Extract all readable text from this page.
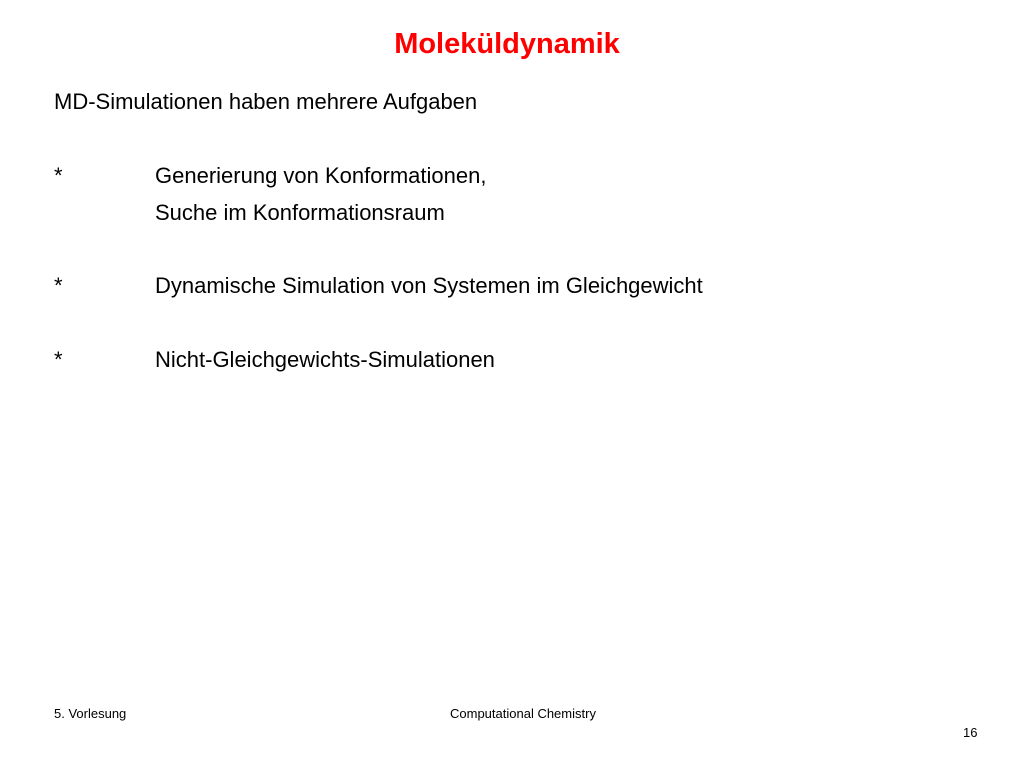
Moleküldynamik
MD-Simulationen haben mehrere Aufgaben
*	Generierung von Konformationen,
Suche im Konformationsraum
*	Dynamische Simulation von Systemen im Gleichgewicht
*	Nicht-Gleichgewichts-Simulationen
5. Vorlesung	Computational Chemistry
16
